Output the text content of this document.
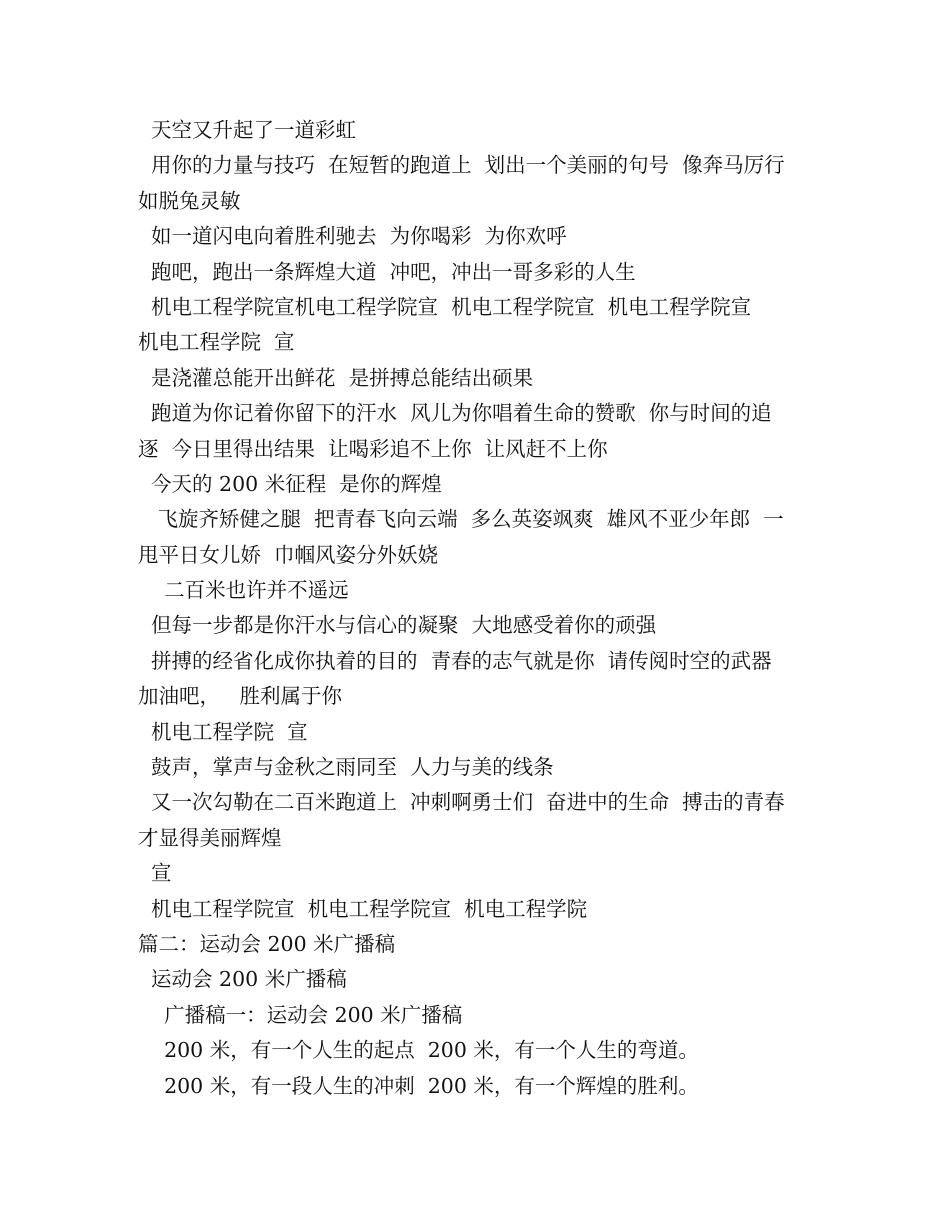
天空又升起了一道彩虹
用你的力量与技巧  在短暂的跑道上  划出一个美丽的句号  像奔马厉行
如脱兔灵敏
如一道闪电向着胜利驰去  为你喝彩  为你欢呼
跑吧，跑出一条辉煌大道  冲吧，冲出一哥多彩的人生
机电工程学院宣机电工程学院宣  机电工程学院宣  机电工程学院宣
机电工程学院  宣
是浇灌总能开出鲜花  是拼搏总能结出硕果
跑道为你记着你留下的汗水  风儿为你唱着生命的赞歌  你与时间的追
逐  今日里得出结果  让喝彩追不上你  让风赶不上你
今天的 200 米征程  是你的辉煌
飞旋齐矫健之腿  把青春飞向云端  多么英姿飒爽  雄风不亚少年郎  一
甩平日女儿娇  巾帼风姿分外妖娆
二百米也许并不遥远
但每一步都是你汗水与信心的凝聚  大地感受着你的顽强
拼搏的经省化成你执着的目的  青春的志气就是你  请传阅时空的武器
加油吧，   胜利属于你
机电工程学院  宣
鼓声，掌声与金秋之雨同至  人力与美的线条
又一次勾勒在二百米跑道上  冲刺啊勇士们  奋进中的生命  搏击的青春
才显得美丽辉煌
宣
机电工程学院宣  机电工程学院宣  机电工程学院
篇二：运动会 200 米广播稿
运动会 200 米广播稿
广播稿一：运动会 200 米广播稿
200 米，有一个人生的起点  200 米，有一个人生的弯道。
200 米，有一段人生的冲刺  200 米，有一个辉煌的胜利。
